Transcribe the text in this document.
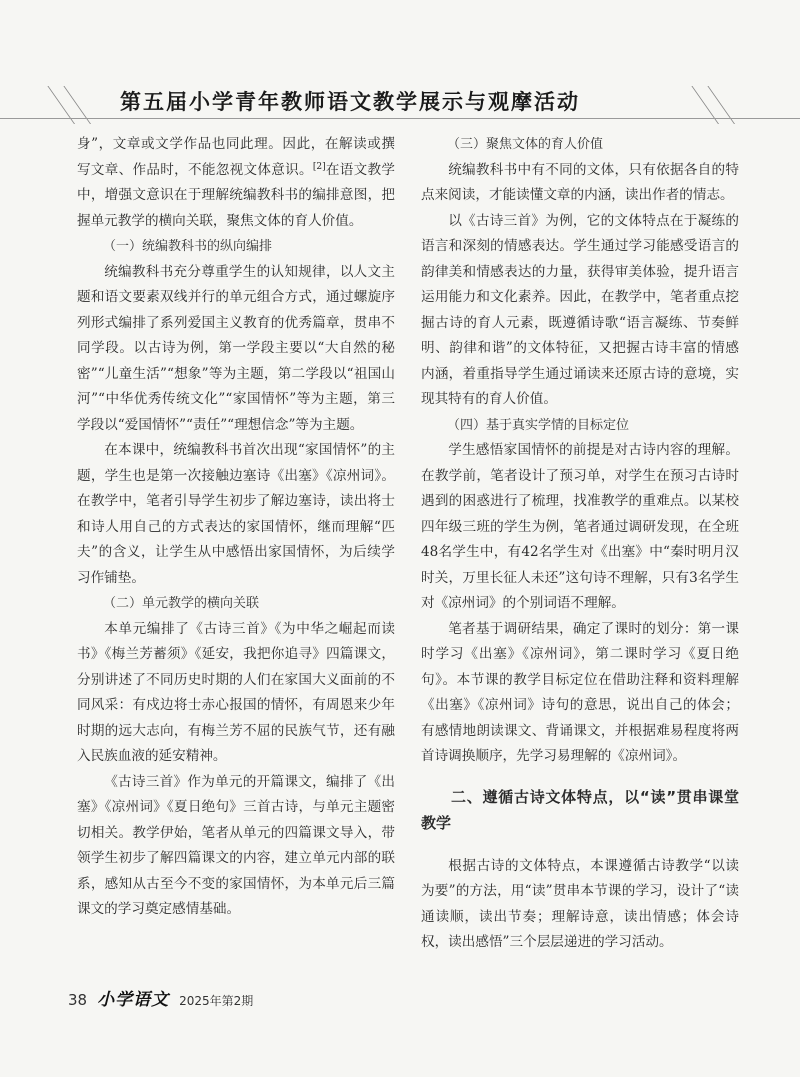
第五届小学青年教师语文教学展示与观摩活动

身”，文章或文学作品也同此理。因此，在解读或撰写文章、作品时，不能忽视文体意识。[2]在语文教学中，增强文意识在于理解统编教科书的编排意图，把握单元教学的横向关联，聚焦文体的育人价值。

（一）统编教科书的纵向编排

统编教科书充分尊重学生的认知规律，以人文主题和语文要素双线并行的单元组合方式，通过螺旋序列形式编排了系列爱国主义教育的优秀篇章，贯串不同学段。以古诗为例，第一学段主要以“大自然的秘密”“儿童生活”“想象”等为主题，第二学段以“祖国山河”“中华优秀传统文化”“家国情怀”等为主题，第三学段以“爱国情怀”“责任”“理想信念”等为主题。

在本课中，统编教科书首次出现“家国情怀”的主题，学生也是第一次接触边塞诗《出塞》《凉州词》。在教学中，笔者引导学生初步了解边塞诗，读出将士和诗人用自己的方式表达的家国情怀，继而理解“匹夫”的含义，让学生从中感悟出家国情怀，为后续学习作铺垫。

（二）单元教学的横向关联

本单元编排了《古诗三首》《为中华之崛起而读书》《梅兰芳蓄须》《延安，我把你追寻》四篇课文，分别讲述了不同历史时期的人们在家国大义面前的不同风采：有戍边将士赤心报国的情怀，有周恩来少年时期的远大志向，有梅兰芳不屈的民族气节，还有融入民族血液的延安精神。

《古诗三首》作为单元的开篇课文，编排了《出塞》《凉州词》《夏日绝句》三首古诗，与单元主题密切相关。教学伊始，笔者从单元的四篇课文导入，带领学生初步了解四篇课文的内容，建立单元内部的联系，感知从古至今不变的家国情怀，为本单元后三篇课文的学习奠定感情基础。

（三）聚焦文体的育人价值

统编教科书中有不同的文体，只有依据各自的特点来阅读，才能读懂文章的内涵，读出作者的情志。

以《古诗三首》为例，它的文体特点在于凝练的语言和深刻的情感表达。学生通过学习能感受语言的韵律美和情感表达的力量，获得审美体验，提升语言运用能力和文化素养。因此，在教学中，笔者重点挖掘古诗的育人元素，既遵循诗歌“语言凝练、节奏鲜明、韵律和谐”的文体特征，又把握古诗丰富的情感内涵，着重指导学生通过诵读来还原古诗的意境，实现其特有的育人价值。

（四）基于真实学情的目标定位

学生感悟家国情怀的前提是对古诗内容的理解。在教学前，笔者设计了预习单，对学生在预习古诗时遇到的困惑进行了梳理，找准教学的重难点。以某校四年级三班的学生为例，笔者通过调研发现，在全班48名学生中，有42名学生对《出塞》中“秦时明月汉时关，万里长征人未还”这句诗不理解，只有3名学生对《凉州词》的个别词语不理解。

笔者基于调研结果，确定了课时的划分：第一课时学习《出塞》《凉州词》，第二课时学习《夏日绝句》。本节课的教学目标定位在借助注释和资料理解《出塞》《凉州词》诗句的意思，说出自己的体会；有感情地朗读课文、背诵课文，并根据难易程度将两首诗调换顺序，先学习易理解的《凉州词》。

二、遵循古诗文体特点，以“读”贯串课堂教学

根据古诗的文体特点，本课遵循古诗教学“以读为要”的方法，用“读”贯串本节课的学习，设计了“读通读顺，读出节奏；理解诗意，读出情感；体会诗权，读出感悟”三个层层递进的学习活动。

38 小学语文 2025年第2期
